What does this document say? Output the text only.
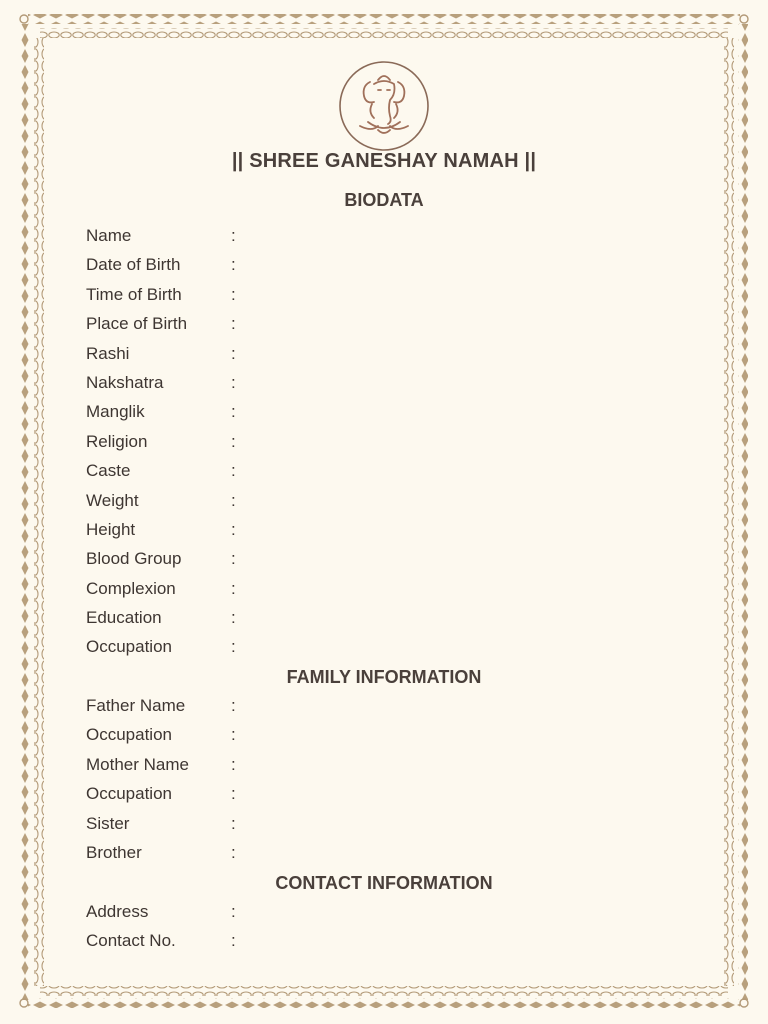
|| SHREE GANESHAY NAMAH ||
BIODATA
Name	:
Date of Birth	:
Time of Birth	:
Place of Birth	:
Rashi	:
Nakshatra	:
Manglik	:
Religion	:
Caste	:
Weight	:
Height	:
Blood Group	:
Complexion	:
Education	:
Occupation	:
FAMILY INFORMATION
Father Name	:
Occupation	:
Mother Name :
Occupation	:
Sister	:
Brother	:
CONTACT INFORMATION
Address	:
Contact No.	:
